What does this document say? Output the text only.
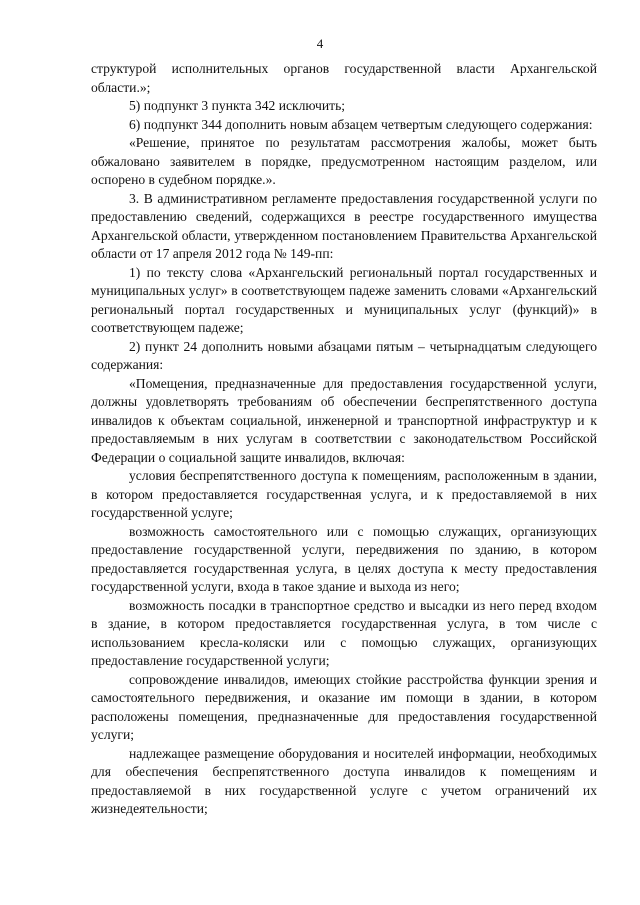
4

структурой исполнительных органов государственной власти Архангельской области.»;

5) подпункт 3 пункта 342 исключить;

6) подпункт 344 дополнить новым абзацем четвертым следующего содержания:

«Решение, принятое по результатам рассмотрения жалобы, может быть обжаловано заявителем в порядке, предусмотренном настоящим разделом, или оспорено в судебном порядке.».

3. В административном регламенте предоставления государственной услуги по предоставлению сведений, содержащихся в реестре государственного имущества Архангельской области, утвержденном постановлением Правительства Архангельской области от 17 апреля 2012 года № 149-пп:

1) по тексту слова «Архангельский региональный портал государственных и муниципальных услуг» в соответствующем падеже заменить словами «Архангельский региональный портал государственных и муниципальных услуг (функций)» в соответствующем падеже;

2) пункт 24 дополнить новыми абзацами пятым – четырнадцатым следующего содержания:

«Помещения, предназначенные для предоставления государственной услуги, должны удовлетворять требованиям об обеспечении беспрепятственного доступа инвалидов к объектам социальной, инженерной и транспортной инфраструктур и к предоставляемым в них услугам в соответствии с законодательством Российской Федерации о социальной защите инвалидов, включая:

условия беспрепятственного доступа к помещениям, расположенным в здании, в котором предоставляется государственная услуга, и к предоставляемой в них государственной услуге;

возможность самостоятельного или с помощью служащих, организующих предоставление государственной услуги, передвижения по зданию, в котором предоставляется государственная услуга, в целях доступа к месту предоставления государственной услуги, входа в такое здание и выхода из него;

возможность посадки в транспортное средство и высадки из него перед входом в здание, в котором предоставляется государственная услуга, в том числе с использованием кресла-коляски или с помощью служащих, организующих предоставление государственной услуги;

сопровождение инвалидов, имеющих стойкие расстройства функции зрения и самостоятельного передвижения, и оказание им помощи в здании, в котором расположены помещения, предназначенные для предоставления государственной услуги;

надлежащее размещение оборудования и носителей информации, необходимых для обеспечения беспрепятственного доступа инвалидов к помещениям и предоставляемой в них государственной услуге с учетом ограничений их жизнедеятельности;
